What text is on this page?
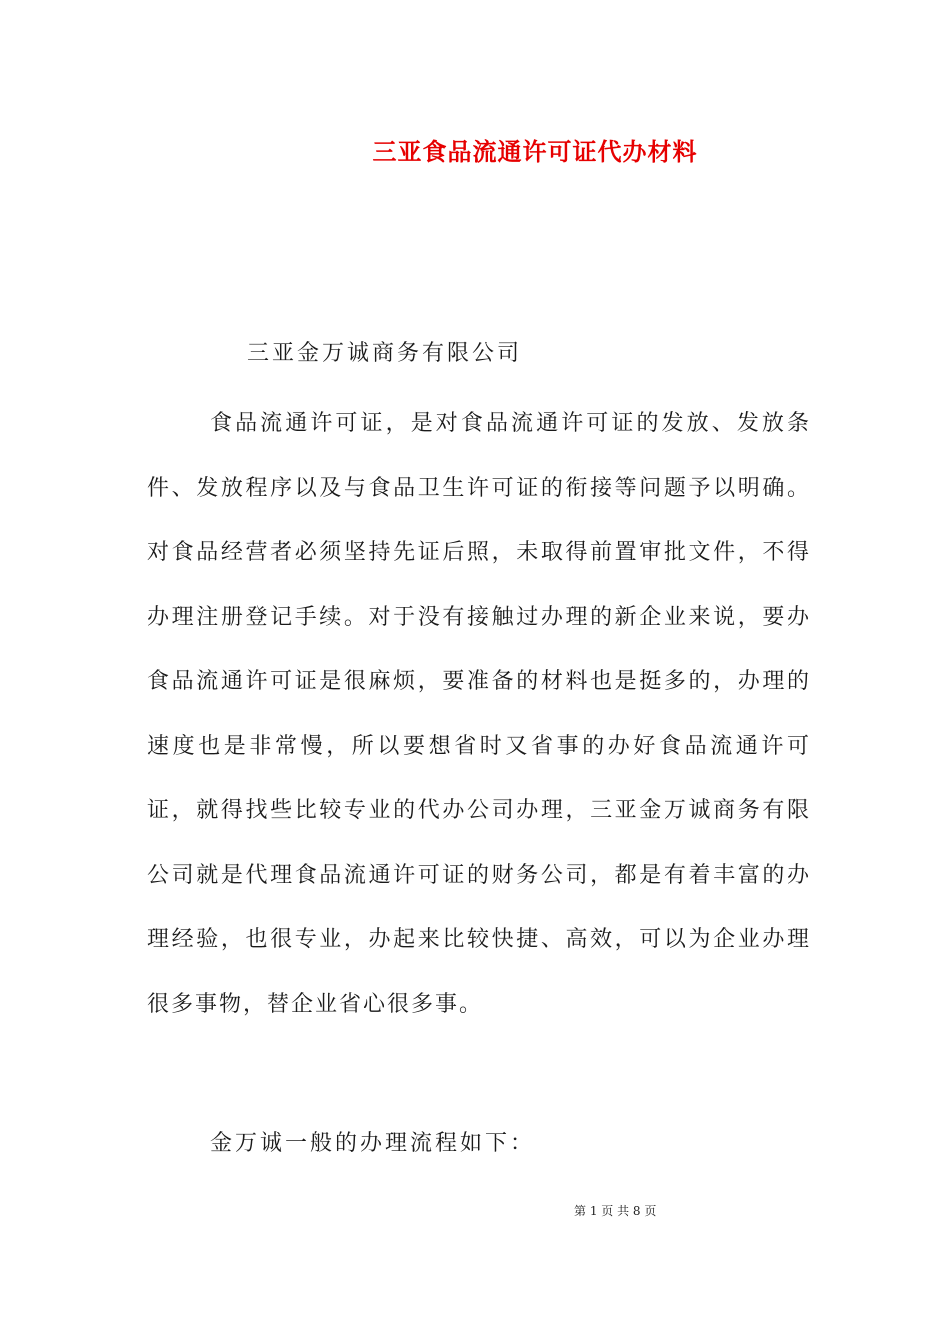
三亚食品流通许可证代办材料
三亚金万诚商务有限公司

食品流通许可证，是对食品流通许可证的发放、发放条件、发放程序以及与食品卫生许可证的衔接等问题予以明确。对食品经营者必须坚持先证后照，未取得前置审批文件，不得办理注册登记手续。对于没有接触过办理的新企业来说，要办食品流通许可证是很麻烦，要准备的材料也是挺多的，办理的速度也是非常慢，所以要想省时又省事的办好食品流通许可证，就得找些比较专业的代办公司办理，三亚金万诚商务有限公司就是代理食品流通许可证的财务公司，都是有着丰富的办理经验，也很专业，办起来比较快捷、高效，可以为企业办理很多事物，替企业省心很多事。

金万诚一般的办理流程如下：
第 1 页 共 8 页
